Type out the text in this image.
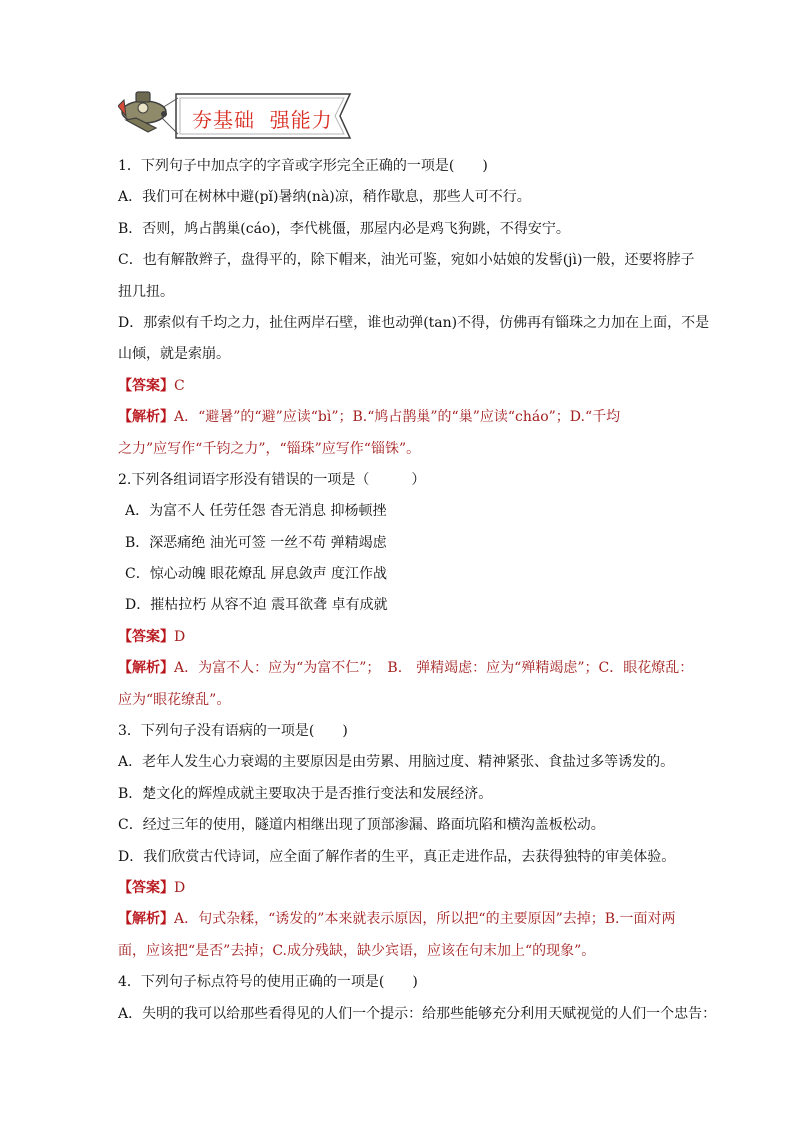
夯基础  强能力
1．下列句子中加点字的字音或字形完全正确的一项是(　　)
A．我们可在树林中避(pǐ)暑纳(nà)凉，稍作歇息，那些人可不行。
B．否则，鸠占鹊巢(cáo)，李代桃僵，那屋内必是鸡飞狗跳，不得安宁。
C．也有解散辫子，盘得平的，除下帽来，油光可鉴，宛如小姑娘的发髻(jì)一般，还要将脖子
扭几扭。
D．那索似有千均之力，扯住两岸石壁，谁也动弹(tan)不得，仿佛再有锱珠之力加在上面，不是
山倾，就是索崩。
【答案】C
【解析】A．“避暑”的“避”应读“bì”；B.“鸠占鹊巢”的“巢”应读“cháo”；D.“千均
之力”应写作“千钧之力”，“锱珠”应写作“锱铢”。
2.下列各组词语字形没有错误的一项是（　　　）
A．为富不人 任劳任怨 杳无消息 抑杨顿挫
B．深恶痛绝 油光可签 一丝不苟 弹精竭虑
C．惊心动魄 眼花燎乱 屏息敛声 度江作战
D．摧枯拉朽 从容不迫 震耳欲聋 卓有成就
【答案】D
【解析】A．为富不人：应为“为富不仁”；　B.　弹精竭虑：应为“殚精竭虑”；C．眼花燎乱：
应为“眼花缭乱”。
3．下列句子没有语病的一项是(　　)
A．老年人发生心力衰竭的主要原因是由劳累、用脑过度、精神紧张、食盐过多等诱发的。
B．楚文化的辉煌成就主要取决于是否推行变法和发展经济。
C．经过三年的使用，隧道内相继出现了顶部渗漏、路面坑陷和横沟盖板松动。
D．我们欣赏古代诗词，应全面了解作者的生平，真正走进作品，去获得独特的审美体验。
【答案】D
【解析】A．句式杂糅，“诱发的”本来就表示原因，所以把“的主要原因”去掉；B.一面对两
面，应该把“是否”去掉；C.成分残缺，缺少宾语，应该在句末加上“的现象”。
4．下列句子标点符号的使用正确的一项是(　　)
A．失明的我可以给那些看得见的人们一个提示：给那些能够充分利用天赋视觉的人们一个忠告：
